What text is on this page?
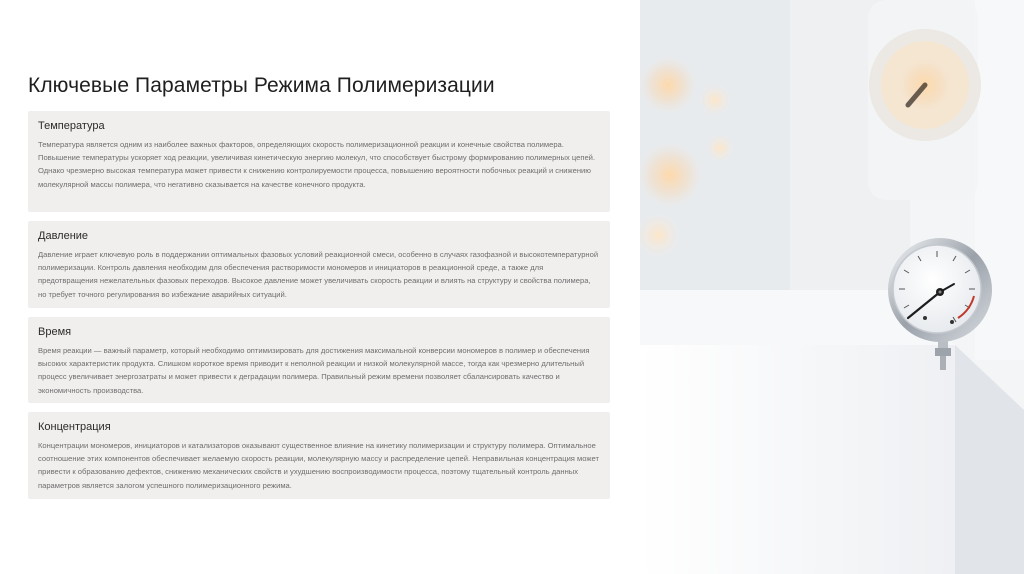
Ключевые Параметры Режима Полимеризации
Температура
Температура является одним из наиболее важных факторов, определяющих скорость полимеризационной реакции и конечные свойства полимера. Повышение температуры ускоряет ход реакции, увеличивая кинетическую энергию молекул, что способствует быстрому формированию полимерных цепей. Однако чрезмерно высокая температура может привести к снижению контролируемости процесса, повышению вероятности побочных реакций и снижению молекулярной массы полимера, что негативно сказывается на качестве конечного продукта.
Давление
Давление играет ключевую роль в поддержании оптимальных фазовых условий реакционной смеси, особенно в случаях газофазной и высокотемпературной полимеризации. Контроль давления необходим для обеспечения растворимости мономеров и инициаторов в реакционной среде, а также для предотвращения нежелательных фазовых переходов. Высокое давление может увеличивать скорость реакции и влиять на структуру и свойства полимера, но требует точного регулирования во избежание аварийных ситуаций.
Время
Время реакции — важный параметр, который необходимо оптимизировать для достижения максимальной конверсии мономеров в полимер и обеспечения высоких характеристик продукта. Слишком короткое время приводит к неполной реакции и низкой молекулярной массе, тогда как чрезмерно длительный процесс увеличивает энергозатраты и может привести к деградации полимера. Правильный режим времени позволяет сбалансировать качество и экономичность производства.
Концентрация
Концентрации мономеров, инициаторов и катализаторов оказывают существенное влияние на кинетику полимеризации и структуру полимера. Оптимальное соотношение этих компонентов обеспечивает желаемую скорость реакции, молекулярную массу и распределение цепей. Неправильная концентрация может привести к образованию дефектов, снижению механических свойств и ухудшению воспроизводимости процесса, поэтому тщательный контроль данных параметров является залогом успешного полимеризационного режима.
